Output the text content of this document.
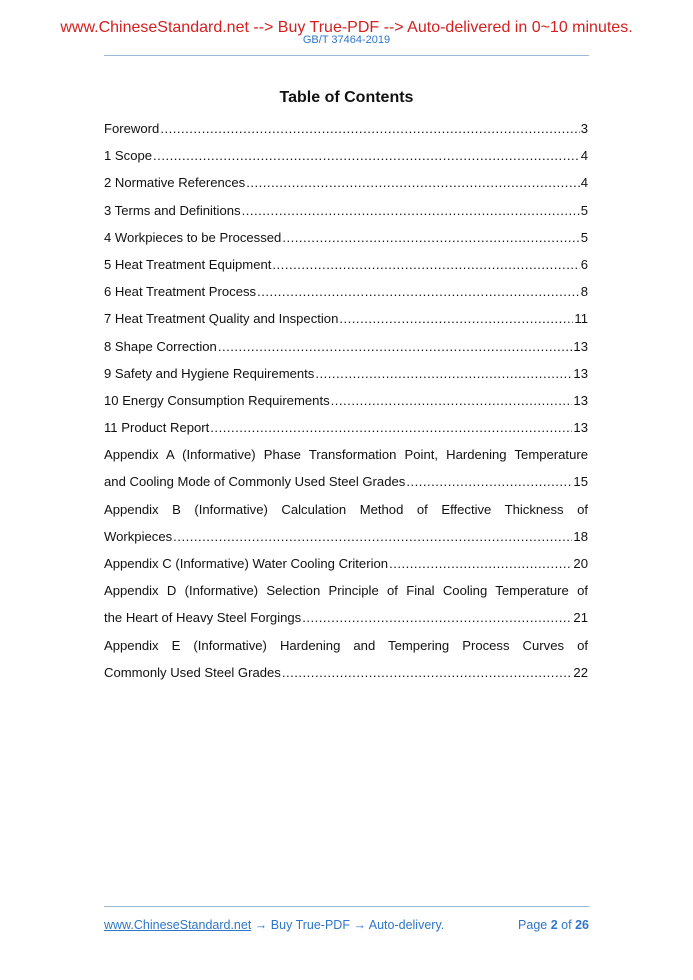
www.ChineseStandard.net --> Buy True-PDF --> Auto-delivered in 0~10 minutes.
GB/T 37464-2019
Table of Contents
Foreword .....	3
1 Scope .....	4
2 Normative References .....	4
3 Terms and Definitions .....	5
4 Workpieces to be Processed .....	5
5 Heat Treatment Equipment .....	6
6 Heat Treatment Process .....	8
7 Heat Treatment Quality and Inspection .....	11
8 Shape Correction .....	13
9 Safety and Hygiene Requirements .....	13
10 Energy Consumption Requirements .....	13
11 Product Report .....	13
Appendix A (Informative) Phase Transformation Point, Hardening Temperature
and Cooling Mode of Commonly Used Steel Grades .....	15
Appendix B (Informative) Calculation Method of Effective Thickness of
Workpieces .....	18
Appendix C (Informative) Water Cooling Criterion .....	20
Appendix D (Informative) Selection Principle of Final Cooling Temperature of
the Heart of Heavy Steel Forgings .....	21
Appendix E (Informative) Hardening and Tempering Process Curves of
Commonly Used Steel Grades .....	22
www.ChineseStandard.net → Buy True-PDF → Auto-delivery.	Page 2 of 26
